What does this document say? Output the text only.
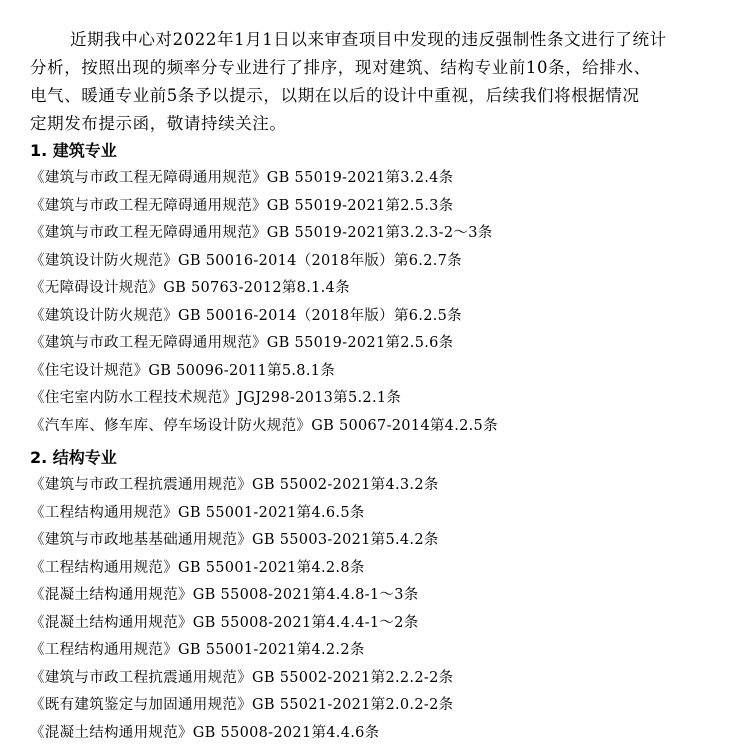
近期我中心对2022年1月1日以来审查项目中发现的违反强制性条文进行了统计
分析，按照出现的频率分专业进行了排序，现对建筑、结构专业前10条，给排水、
电气、暖通专业前5条予以提示，以期在以后的设计中重视，后续我们将根据情况
定期发布提示函，敬请持续关注。
1. 建筑专业
《建筑与市政工程无障碍通用规范》GB 55019-2021第3.2.4条
《建筑与市政工程无障碍通用规范》GB 55019-2021第2.5.3条
《建筑与市政工程无障碍通用规范》GB 55019-2021第3.2.3-2～3条
《建筑设计防火规范》GB 50016-2014（2018年版）第6.2.7条
《无障碍设计规范》GB 50763-2012第8.1.4条
《建筑设计防火规范》GB 50016-2014（2018年版）第6.2.5条
《建筑与市政工程无障碍通用规范》GB 55019-2021第2.5.6条
《住宅设计规范》GB 50096-2011第5.8.1条
《住宅室内防水工程技术规范》JGJ298-2013第5.2.1条
《汽车库、修车库、停车场设计防火规范》GB 50067-2014第4.2.5条
2. 结构专业
《建筑与市政工程抗震通用规范》GB 55002-2021第4.3.2条
《工程结构通用规范》GB 55001-2021第4.6.5条
《建筑与市政地基基础通用规范》GB 55003-2021第5.4.2条
《工程结构通用规范》GB 55001-2021第4.2.8条
《混凝土结构通用规范》GB 55008-2021第4.4.8-1～3条
《混凝土结构通用规范》GB 55008-2021第4.4.4-1～2条
《工程结构通用规范》GB 55001-2021第4.2.2条
《建筑与市政工程抗震通用规范》GB 55002-2021第2.2.2-2条
《既有建筑鉴定与加固通用规范》GB 55021-2021第2.0.2-2条
《混凝土结构通用规范》GB 55008-2021第4.4.6条
